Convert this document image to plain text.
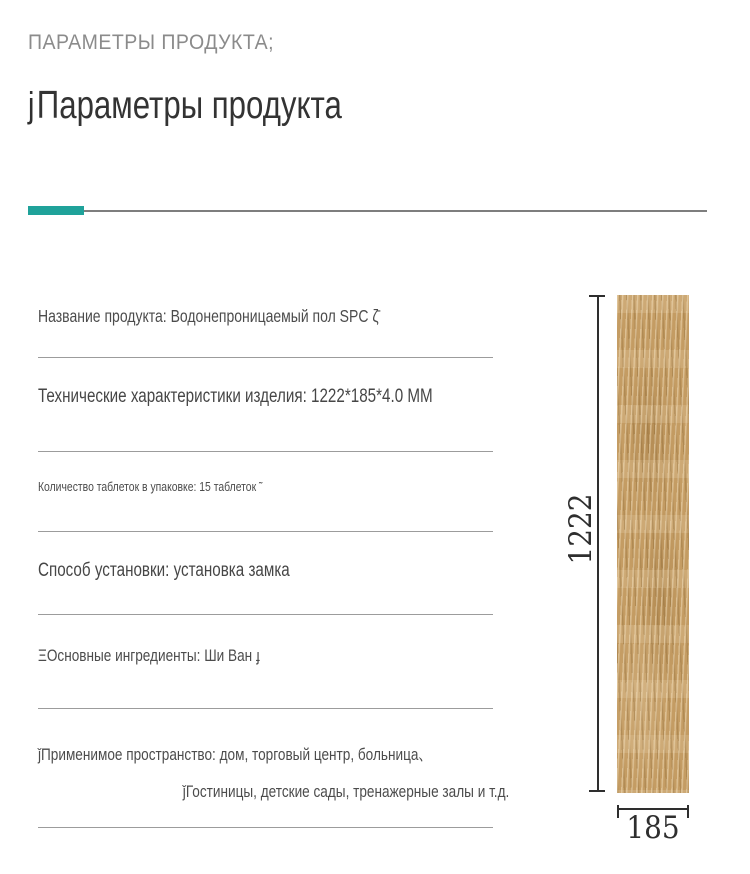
ПАРАМЕТРЫ ПРОДУКТА;
j Параметры продукта
Название продукта: Водонепроницаемый пол SPC ζ̄
Технические характеристики изделия: 1222*185*4.0 ММ
Количество таблеток в упаковке: 15 таблеток ˜
Способ установки: установка замка
ΞОсновные ингредиенты: Ши Ван ɟ
ǰПрименимое пространство: дом, торговый центр, больница、
ǰГостиницы, детские сады, тренажерные залы и т.д.
1222
185
